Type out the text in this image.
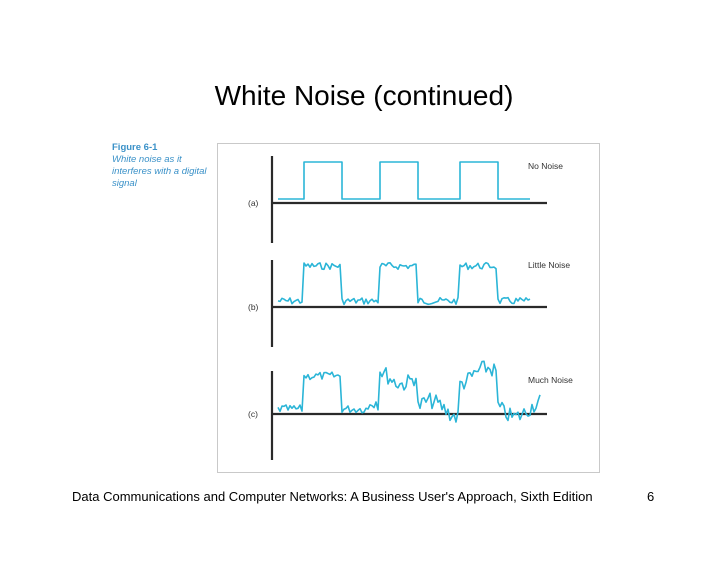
White Noise (continued)
Figure 6-1
White noise as it interferes with a digital signal
(a)
No Noise
(b)
Little Noise
(c)
Much Noise
Data Communications and Computer Networks: A Business User's Approach, Sixth Edition	6
